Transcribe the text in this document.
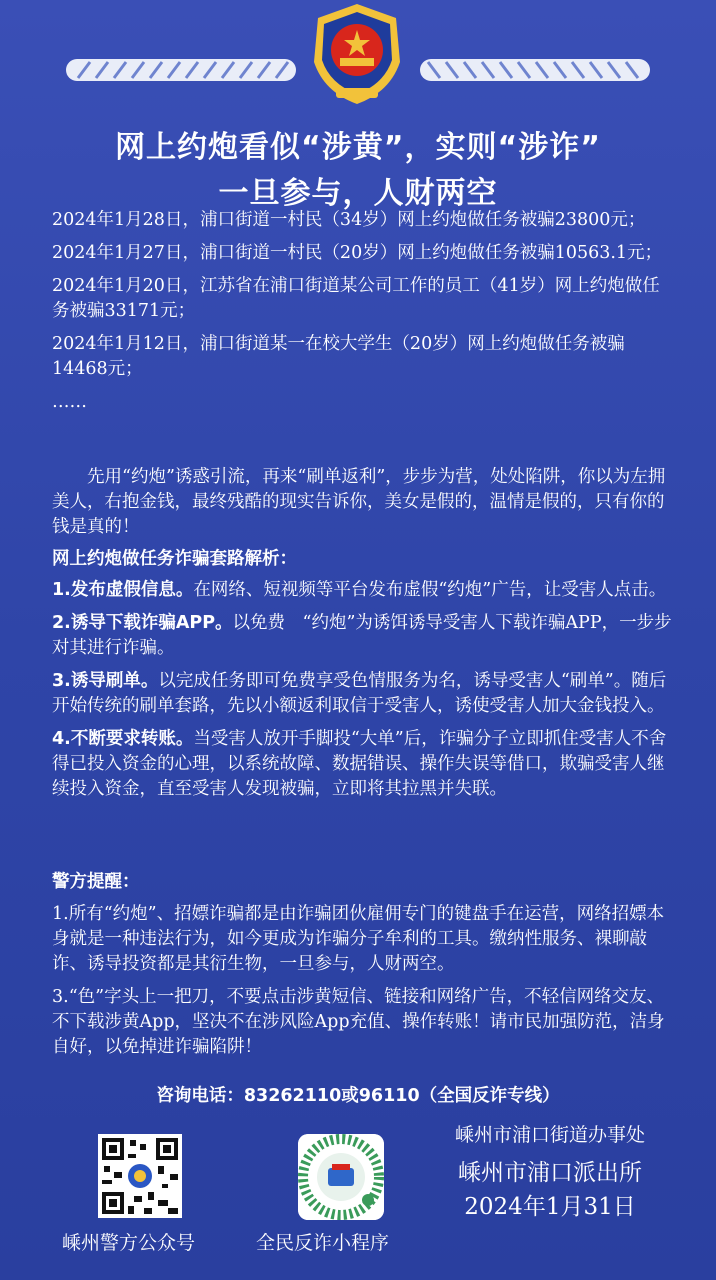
网上约炮看似“涉黄”，实则“涉诈”
一旦参与，人财两空

2024年1月28日，浦口街道一村民（34岁）网上约炮做任务被骗23800元；

2024年1月27日，浦口街道一村民（20岁）网上约炮做任务被骗10563.1元；

2024年1月20日，江苏省在浦口街道某公司工作的员工（41岁）网上约炮做任务被骗33171元；

2024年1月12日，浦口街道某一在校大学生（20岁）网上约炮做任务被骗14468元；

……

先用“约炮”诱惑引流，再来“刷单返利”，步步为营，处处陷阱，你以为左拥美人，右抱金钱，最终残酷的现实告诉你，美女是假的，温情是假的，只有你的钱是真的！
网上约炮做任务诈骗套路解析：

1.发布虚假信息。在网络、短视频等平台发布虚假“约炮”广告，让受害人点击。

2.诱导下载诈骗APP。以免费　“约炮”为诱饵诱导受害人下载诈骗APP，一步步对其进行诈骗。

3.诱导刷单。以完成任务即可免费享受色情服务为名，诱导受害人“刷单”。随后开始传统的刷单套路，先以小额返利取信于受害人，诱使受害人加大金钱投入。

4.不断要求转账。当受害人放开手脚投“大单”后，诈骗分子立即抓住受害人不舍得已投入资金的心理，以系统故障、数据错误、操作失误等借口，欺骗受害人继续投入资金，直至受害人发现被骗，立即将其拉黑并失联。

警方提醒：

1.所有“约炮”、招嫖诈骗都是由诈骗团伙雇佣专门的键盘手在运营，网络招嫖本身就是一种违法行为，如今更成为诈骗分子牟利的工具。缴纳性服务、裸聊敲诈、诱导投资都是其衍生物，一旦参与，人财两空。

3.“色”字头上一把刀，不要点击涉黄短信、链接和网络广告，不轻信网络交友、不下载涉黄App，坚决不在涉风险App充值、操作转账！请市民加强防范，洁身自好，以免掉进诈骗陷阱！

咨询电话：83262110或96110（全国反诈专线）
嵊州警方公众号	全民反诈小程序
嵊州市浦口街道办事处
嵊州市浦口派出所
2024年1月31日
